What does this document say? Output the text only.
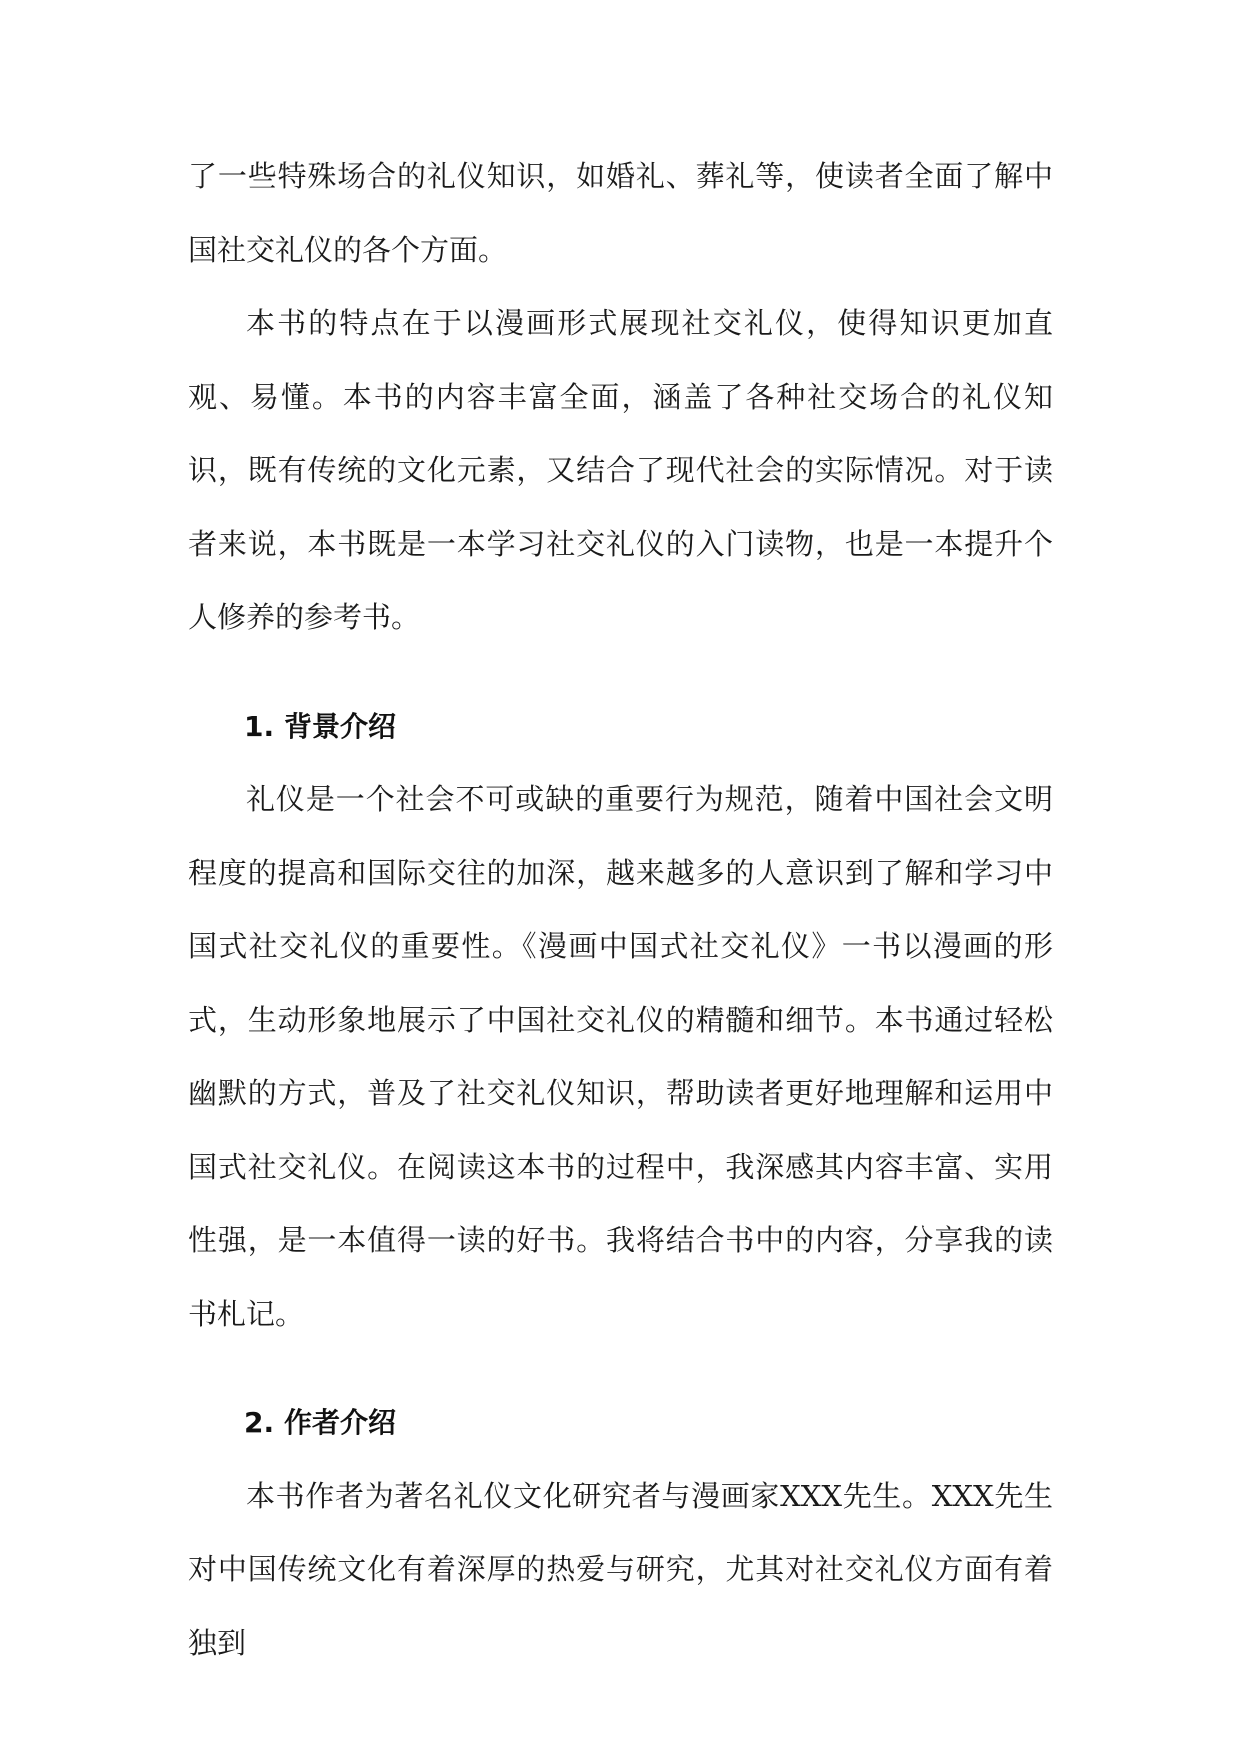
了一些特殊场合的礼仪知识，如婚礼、葬礼等，使读者全面了解中国社交礼仪的各个方面。

本书的特点在于以漫画形式展现社交礼仪，使得知识更加直观、易懂。本书的内容丰富全面，涵盖了各种社交场合的礼仪知识，既有传统的文化元素，又结合了现代社会的实际情况。对于读者来说，本书既是一本学习社交礼仪的入门读物，也是一本提升个人修养的参考书。

1. 背景介绍

礼仪是一个社会不可或缺的重要行为规范，随着中国社会文明程度的提高和国际交往的加深，越来越多的人意识到了解和学习中国式社交礼仪的重要性。《漫画中国式社交礼仪》一书以漫画的形式，生动形象地展示了中国社交礼仪的精髓和细节。本书通过轻松幽默的方式，普及了社交礼仪知识，帮助读者更好地理解和运用中国式社交礼仪。在阅读这本书的过程中，我深感其内容丰富、实用性强，是一本值得一读的好书。我将结合书中的内容，分享我的读书札记。

2. 作者介绍

本书作者为著名礼仪文化研究者与漫画家XXX先生。XXX先生对中国传统文化有着深厚的热爱与研究，尤其对社交礼仪方面有着独到
